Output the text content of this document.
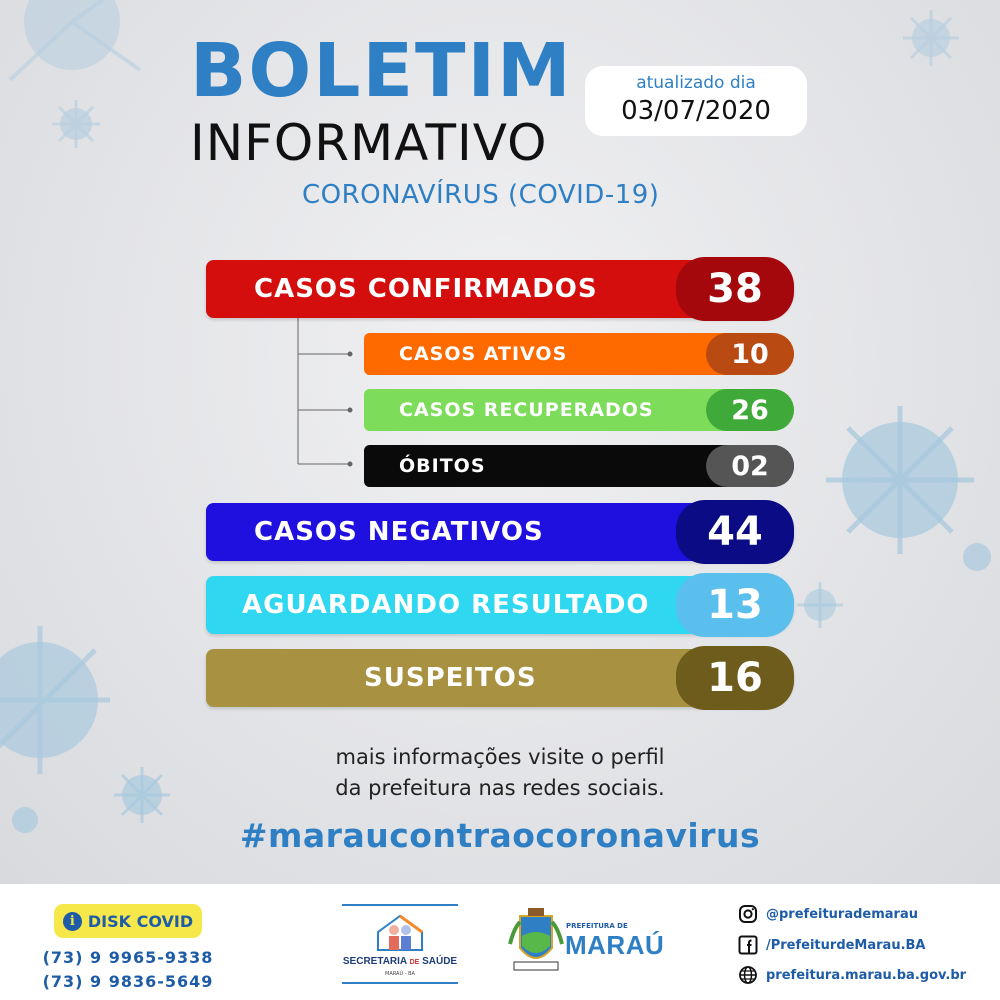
BOLETIM
INFORMATIVO
CORONAVÍRUS (COVID-19)
atualizado dia
03/07/2020
CASOS CONFIRMADOS	38
CASOS ATIVOS	10
CASOS RECUPERADOS	26
ÓBITOS	02
CASOS NEGATIVOS	44
AGUARDANDO RESULTADO	13
SUSPEITOS	16
mais informações visite o perfil
da prefeitura nas redes sociais.
#maraucontraocoronavirus
i DISK COVID
(73) 9 9965-9338
(73) 9 9836-5649
SECRETARIA DE SAÚDE
MARAÚ - BA
PREFEITURA DE
MARAÚ
@prefeiturademarau
/PrefeiturdeMarau.BA
prefeitura.marau.ba.gov.br
